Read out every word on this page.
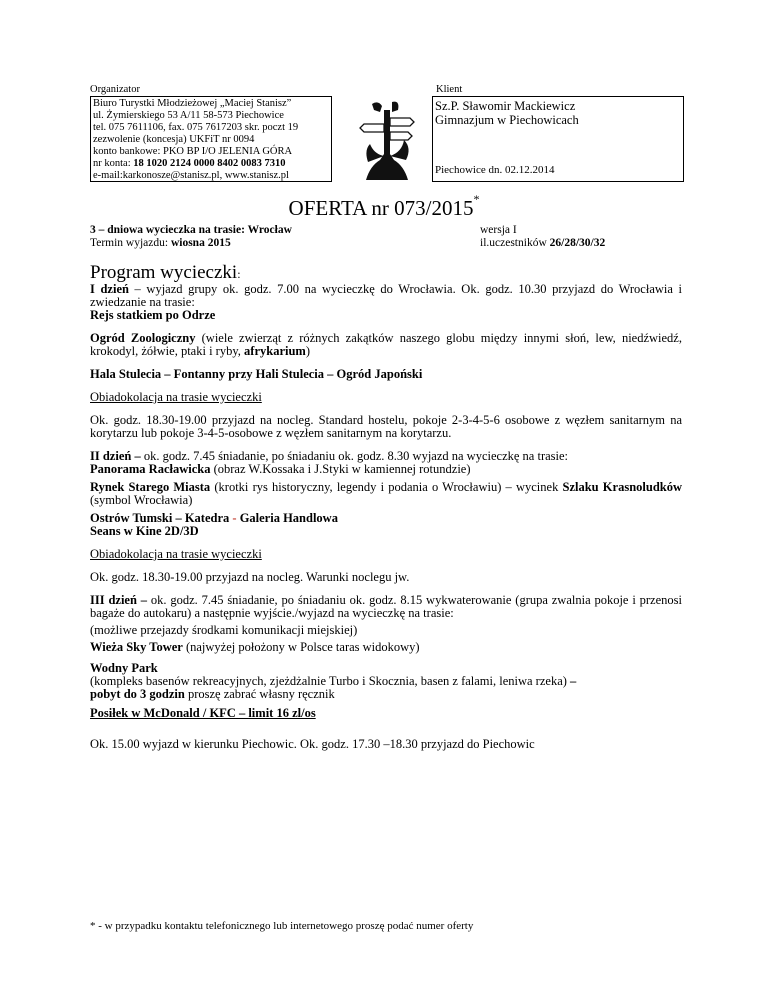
Organizator	Klient
Biuro Turystki Młodzieżowej „Maciej Stanisz”
ul. Żymierskiego 53 A/11 58-573 Piechowice
tel. 075 7611106, fax. 075 7617203 skr. poczt 19
zezwolenie (koncesja) UKFiT nr 0094
konto bankowe: PKO BP I/O JELENIA GÓRA
nr konta: 18 1020 2124 0000 8402 0083 7310
e-mail:karkonosze@stanisz.pl, www.stanisz.pl
Sz.P. Sławomir Mackiewicz
Gimnazjum w Piechowicach
Piechowice dn. 02.12.2014
OFERTA nr 073/2015*
3 – dniowa wycieczka na trasie: Wrocław
Termin wyjazdu: wiosna 2015
wersja I
il.uczestników 26/28/30/32
Program wycieczki:

I dzień – wyjazd grupy ok. godz. 7.00 na wycieczkę do Wrocławia. Ok. godz. 10.30 przyjazd do Wrocławia i zwiedzanie na trasie:
Rejs statkiem po Odrze

Ogród Zoologiczny (wiele zwierząt z różnych zakątków naszego globu między innymi słoń, lew, niedźwiedź, krokodyl, żółwie, ptaki i ryby, afrykarium)

Hala Stulecia – Fontanny przy Hali Stulecia – Ogród Japoński

Obiadokolacja na trasie wycieczki

Ok. godz. 18.30-19.00 przyjazd na nocleg. Standard hostelu, pokoje 2-3-4-5-6 osobowe z węzłem sanitarnym na korytarzu lub pokoje 3-4-5-osobowe z węzłem sanitarnym na korytarzu.

II dzień – ok. godz. 7.45 śniadanie, po śniadaniu ok. godz. 8.30 wyjazd na wycieczkę na trasie:
Panorama Racławicka (obraz W.Kossaka i J.Styki w kamiennej rotundzie)

Rynek Starego Miasta (krotki rys historyczny, legendy i podania o Wrocławiu) – wycinek Szlaku Krasnoludków (symbol Wrocławia)

Ostrów Tumski – Katedra - Galeria Handlowa
Seans w Kine 2D/3D

Obiadokolacja na trasie wycieczki

Ok. godz. 18.30-19.00 przyjazd na nocleg. Warunki noclegu jw.

III dzień – ok. godz. 7.45 śniadanie, po śniadaniu ok. godz. 8.15 wykwaterowanie (grupa zwalnia pokoje i przenosi bagaże do autokaru) a następnie wyjście./wyjazd na wycieczkę na trasie:

(możliwe przejazdy środkami komunikacji miejskiej)

Wieża Sky Tower (najwyżej położony w Polsce taras widokowy)

Wodny Park
(kompleks basenów rekreacyjnych, zjeżdżalnie Turbo i Skocznia, basen z falami, leniwa rzeka) –
pobyt do 3 godzin proszę zabrać własny ręcznik

Posiłek w McDonald / KFC – limit 16 zl/os

Ok. 15.00 wyjazd w kierunku Piechowic. Ok. godz. 17.30 –18.30 przyjazd do Piechowic

* - w przypadku kontaktu telefonicznego lub internetowego proszę podać numer oferty
